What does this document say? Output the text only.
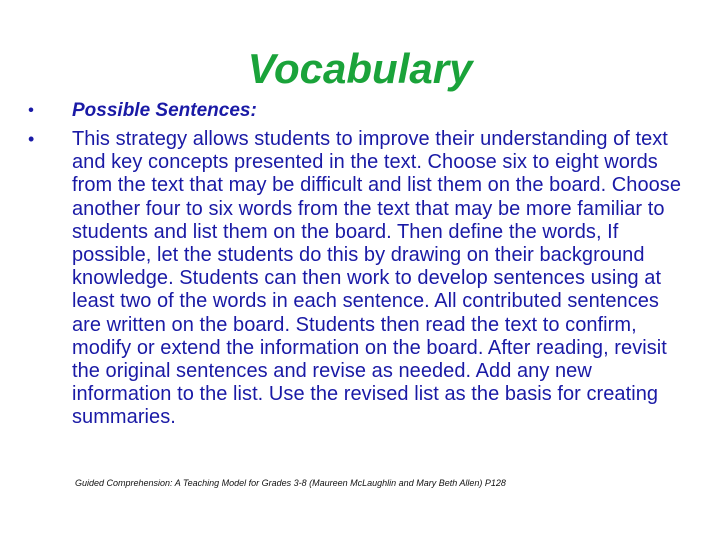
Vocabulary
• Possible Sentences:
• This strategy allows students to improve their understanding of text and key concepts presented in the text. Choose six to eight words from the text that may be difficult and list them on the board. Choose another four to six words from the text that may be more familiar to students and list them on the board. Then define the words, If possible, let the students do this by drawing on their background knowledge. Students can then work to develop sentences using at least two of the words in each sentence. All contributed sentences are written on the board. Students then read the text to confirm, modify or extend the information on the board. After reading, revisit the original sentences and revise as needed. Add any new information to the list. Use the revised list as the basis for creating summaries.
Guided Comprehension: A Teaching Model for Grades 3-8 (Maureen McLaughlin and Mary Beth Allen) P128
